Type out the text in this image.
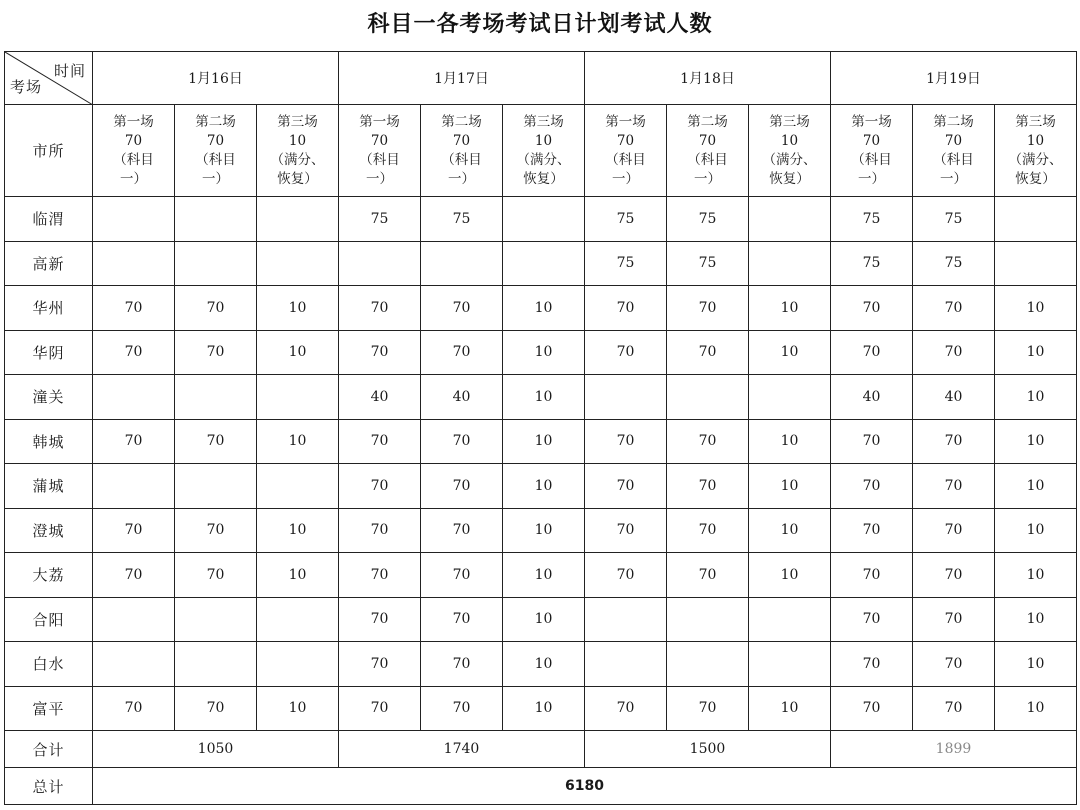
科目一各考场考试日计划考试人数
时间
考场	1月16日			1月17日			1月18日			1月19日		
市所	第一场
70
（科目
一）	第二场
70
（科目
一）	第三场
10
（满分、
恢复）	第一场
70
（科目
一）	第二场
70
（科目
一）	第三场
10
（满分、
恢复）	第一场
70
（科目
一）	第二场
70
（科目
一）	第三场
10
（满分、
恢复）	第一场
70
（科目
一）	第二场
70
（科目
一）	第三场
10
（满分、
恢复）

临渭				75	75		75	75		75	75	
高新							75	75		75	75	
华州	70	70	10	70	70	10	70	70	10	70	70	10
华阴	70	70	10	70	70	10	70	70	10	70	70	10
潼关				40	40	10				40	40	10
韩城	70	70	10	70	70	10	70	70	10	70	70	10
蒲城				70	70	10	70	70	10	70	70	10
澄城	70	70	10	70	70	10	70	70	10	70	70	10
大荔	70	70	10	70	70	10	70	70	10	70	70	10
合阳				70	70	10				70	70	10
白水				70	70	10				70	70	10
富平	70	70	10	70	70	10	70	70	10	70	70	10
合计	1050			1740			1500			1899		
总计	6180											
